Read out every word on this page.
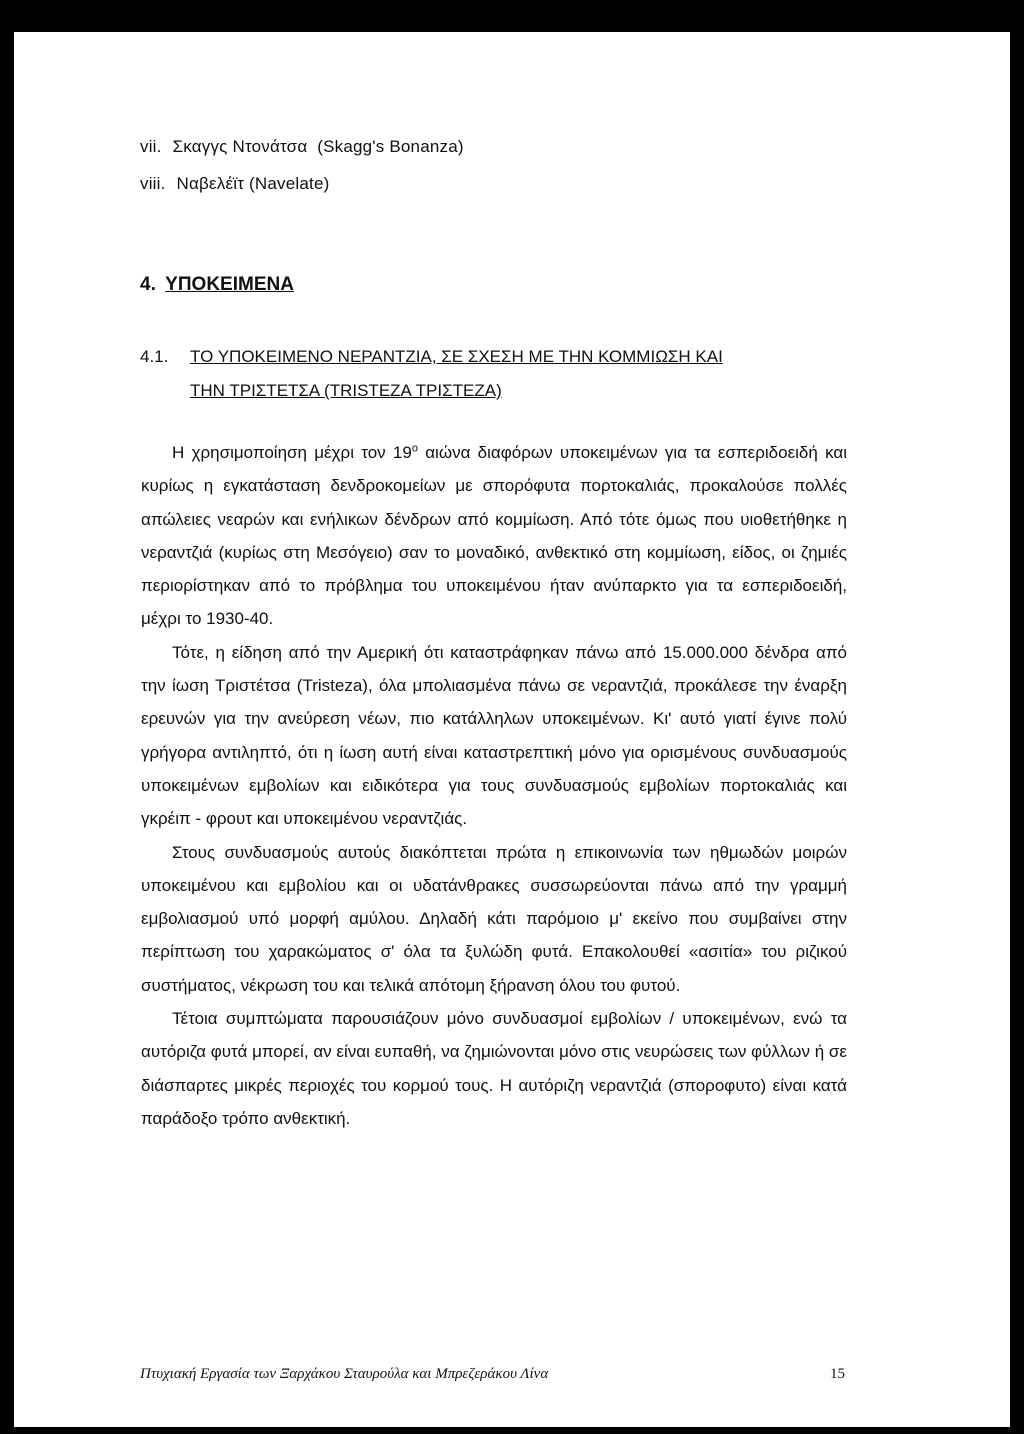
vii. Σκαγγς Ντονάτσα  (Skagg's Bonanza)
viii. Ναβελέϊτ (Navelate)
4. ΥΠΟΚΕΙΜΕΝΑ
4.1. ΤΟ ΥΠΟΚΕΙΜΕΝΟ ΝΕΡΑΝΤΖΙΑ, ΣΕ ΣΧΕΣΗ ΜΕ ΤΗΝ ΚΟΜΜΙΩΣΗ ΚΑΙ
ΤΗΝ ΤΡΙΣΤΕΤΣΑ (TRISTEZA ΤΡΙΣΤΕΖΑ)

Η χρησιμοποίηση μέχρι τον $19^o$ αιώνα διαφόρων υποκειμένων για τα εσπεριδοειδή και κυρίως η εγκατάσταση δενδροκομείων με σπορόφυτα πορτοκαλιάς, προκαλούσε πολλές απώλειες νεαρών και ενήλικων δένδρων από κομμίωση. Από τότε όμως που υιοθετήθηκε η νεραντζιά (κυρίως στη Μεσόγειο) σαν το μοναδικό, ανθεκτικό στη κομμίωση, είδος, οι ζημιές περιορίστηκαν από το πρόβλημα του υποκειμένου ήταν ανύπαρκτο για τα εσπεριδοειδή, μέχρι το 1930-40.

Τότε, η είδηση από την Αμερική ότι καταστράφηκαν πάνω από 15.000.000 δένδρα από την ίωση Τριστέτσα (Tristeza), όλα μπολιασμένα πάνω σε νεραντζιά, προκάλεσε την έναρξη ερευνών για την ανεύρεση νέων, πιο κατάλληλων υποκειμένων. Κι' αυτό γιατί έγινε πολύ γρήγορα αντιληπτό, ότι η ίωση αυτή είναι καταστρεπτική μόνο για ορισμένους συνδυασμούς υποκειμένων εμβολίων και ειδικότερα για τους συνδυασμούς εμβολίων πορτοκαλιάς και γκρέιπ - φρουτ και υποκειμένου νεραντζιάς.

Στους συνδυασμούς αυτούς διακόπτεται πρώτα η επικοινωνία των ηθμωδών μοιρών υποκειμένου και εμβολίου και οι υδατάνθρακες συσσωρεύονται πάνω από την γραμμή εμβολιασμού υπό μορφή αμύλου. Δηλαδή κάτι παρόμοιο μ' εκείνο που συμβαίνει στην περίπτωση του χαρακώματος σ' όλα τα ξυλώδη φυτά. Επακολουθεί «ασιτία» του ριζικού συστήματος, νέκρωση του και τελικά απότομη ξήρανση όλου του φυτού.

Τέτοια συμπτώματα παρουσιάζουν μόνο συνδυασμοί εμβολίων / υποκειμένων, ενώ τα αυτόριζα φυτά μπορεί, αν είναι ευπαθή, να ζημιώνονται μόνο στις νευρώσεις των φύλλων ή σε διάσπαρτες μικρές περιοχές του κορμού τους. Η αυτόριζη νεραντζιά (σποροφυτο) είναι κατά παράδοξο τρόπο ανθεκτική.

Πτυχιακή Εργασία των Ξαρχάκου Σταυρούλα και Μπρεζεράκου Λίνα	15
